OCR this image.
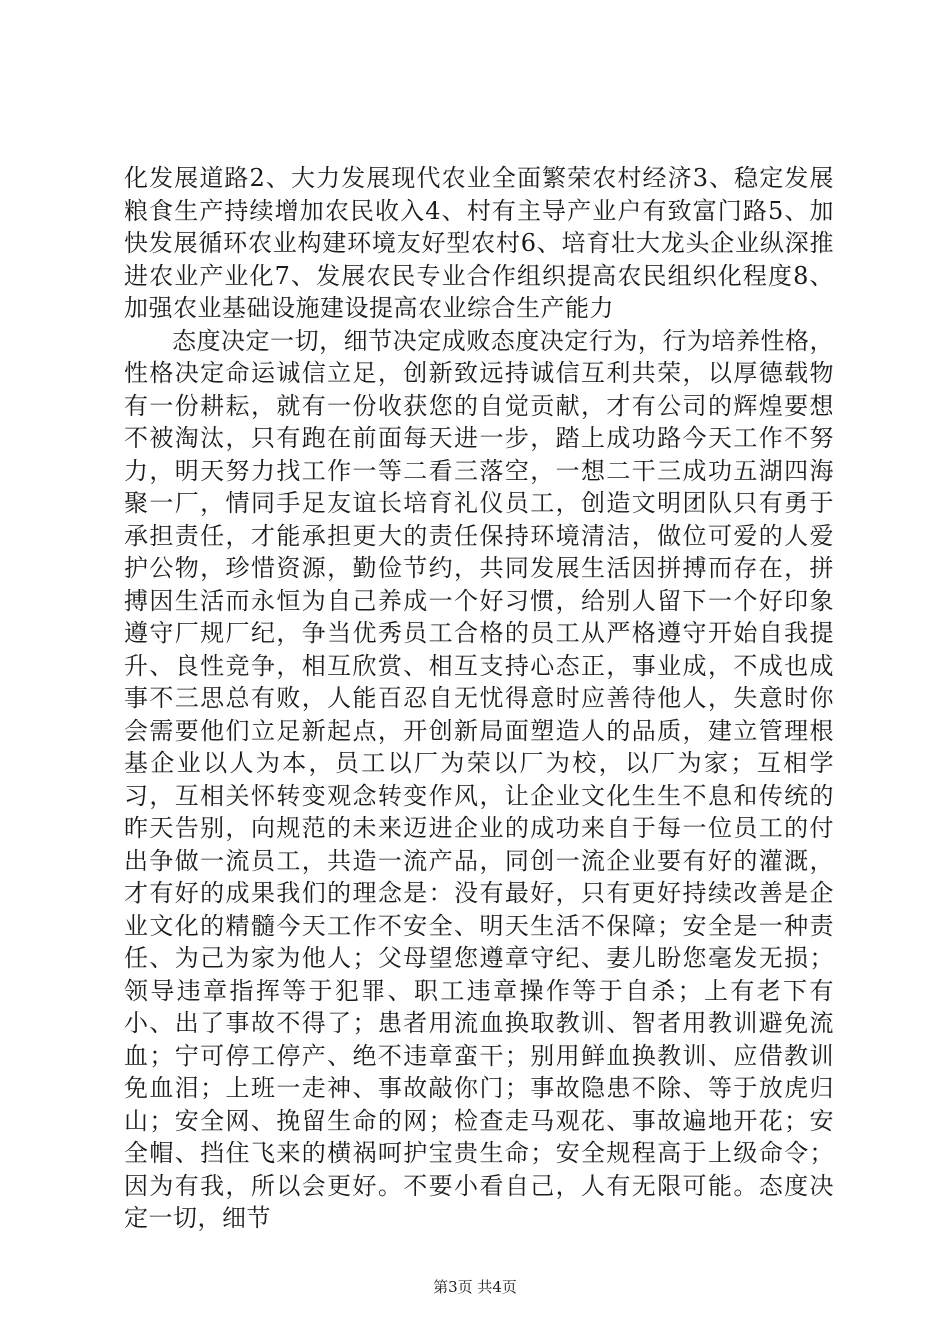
化发展道路2、大力发展现代农业全面繁荣农村经济3、稳定发展粮食生产持续增加农民收入4、村有主导产业户有致富门路5、加快发展循环农业构建环境友好型农村6、培育壮大龙头企业纵深推进农业产业化7、发展农民专业合作组织提高农民组织化程度8、加强农业基础设施建设提高农业综合生产能力

态度决定一切，细节决定成败态度决定行为，行为培养性格，性格决定命运诚信立足，创新致远持诚信互利共荣，以厚德载物有一份耕耘，就有一份收获您的自觉贡献，才有公司的辉煌要想不被淘汰，只有跑在前面每天进一步，踏上成功路今天工作不努力，明天努力找工作一等二看三落空，一想二干三成功五湖四海聚一厂，情同手足友谊长培育礼仪员工，创造文明团队只有勇于承担责任，才能承担更大的责任保持环境清洁，做位可爱的人爱护公物，珍惜资源，勤俭节约，共同发展生活因拼搏而存在，拼搏因生活而永恒为自己养成一个好习惯，给别人留下一个好印象遵守厂规厂纪，争当优秀员工合格的员工从严格遵守开始自我提升、良性竞争，相互欣赏、相互支持心态正，事业成，不成也成事不三思总有败，人能百忍自无忧得意时应善待他人，失意时你会需要他们立足新起点，开创新局面塑造人的品质，建立管理根基企业以人为本，员工以厂为荣以厂为校，以厂为家；互相学习，互相关怀转变观念转变作风，让企业文化生生不息和传统的昨天告别，向规范的未来迈进企业的成功来自于每一位员工的付出争做一流员工，共造一流产品，同创一流企业要有好的灌溉，才有好的成果我们的理念是：没有最好，只有更好持续改善是企业文化的精髓今天工作不安全、明天生活不保障；安全是一种责任、为己为家为他人；父母望您遵章守纪、妻儿盼您毫发无损；领导违章指挥等于犯罪、职工违章操作等于自杀；上有老下有小、出了事故不得了；患者用流血换取教训、智者用教训避免流血；宁可停工停产、绝不违章蛮干；别用鲜血换教训、应借教训免血泪；上班一走神、事故敲你门；事故隐患不除、等于放虎归山；安全网、挽留生命的网；检查走马观花、事故遍地开花；安全帽、挡住飞来的横祸呵护宝贵生命；安全规程高于上级命令；因为有我，所以会更好。不要小看自己，人有无限可能。态度决定一切，细节

第3页 共4页
